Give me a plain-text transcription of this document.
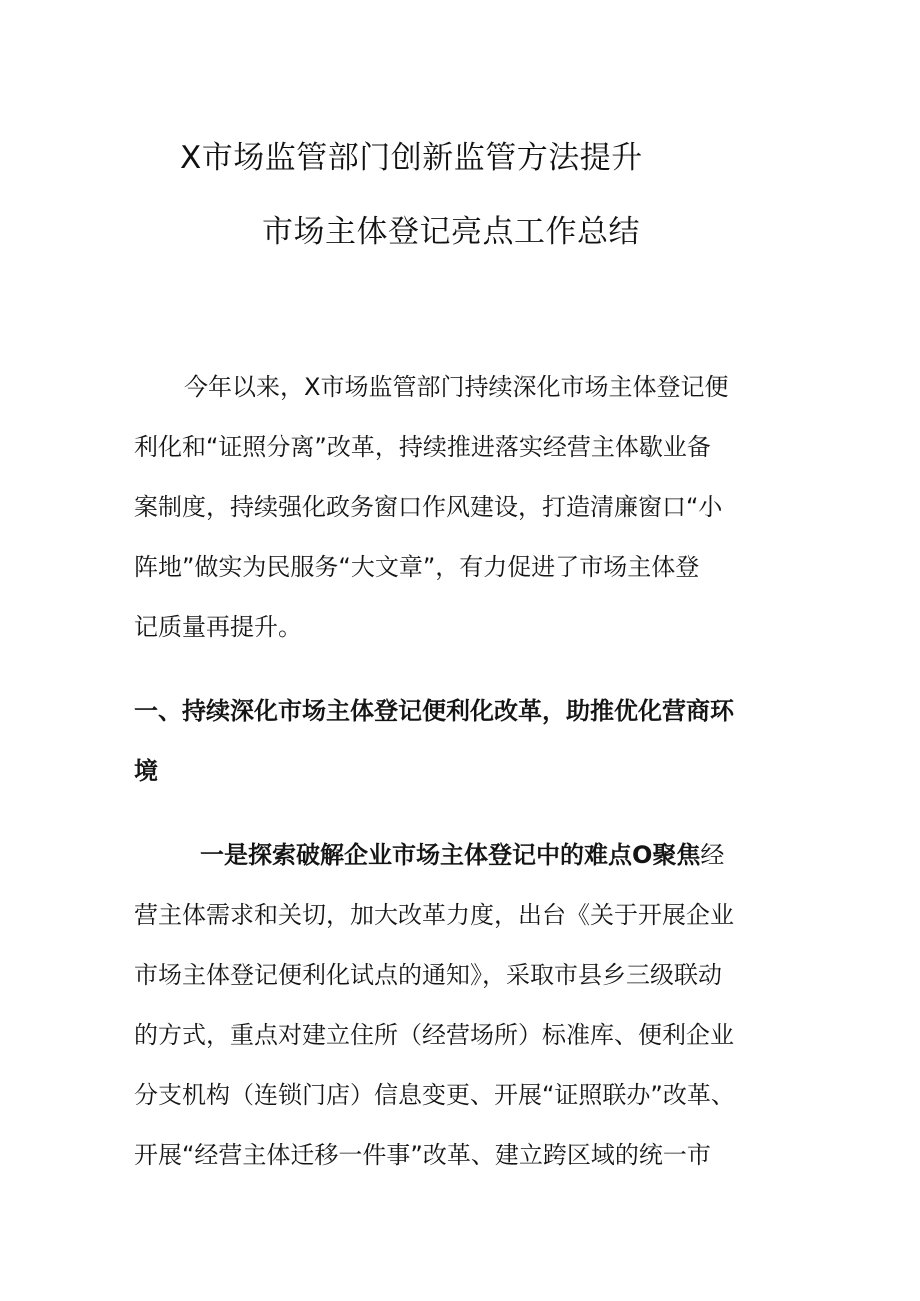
X市场监管部门创新监管方法提升
市场主体登记亮点工作总结
今年以来，X市场监管部门持续深化市场主体登记便
利化和“证照分离”改革，持续推进落实经营主体歇业备
案制度，持续强化政务窗口作风建设，打造清廉窗口“小
阵地”做实为民服务“大文章”，有力促进了市场主体登
记质量再提升。
一、持续深化市场主体登记便利化改革，助推优化营商环
境
一是探索破解企业市场主体登记中的难点O聚焦经
营主体需求和关切，加大改革力度，出台《关于开展企业
市场主体登记便利化试点的通知》，采取市县乡三级联动
的方式，重点对建立住所（经营场所）标准库、便利企业
分支机构（连锁门店）信息变更、开展“证照联办”改革、
开展“经营主体迁移一件事”改革、建立跨区域的统一市
